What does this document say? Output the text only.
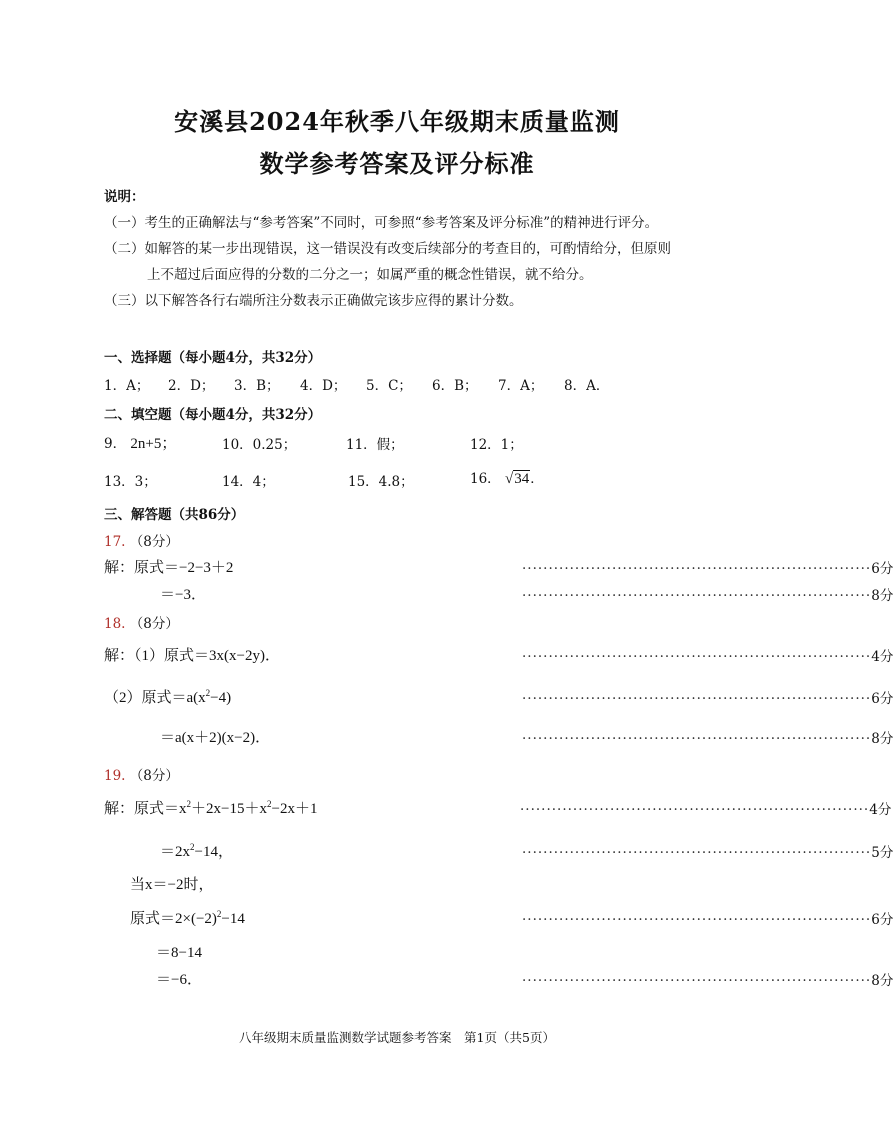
安溪县2024年秋季八年级期末质量监测
数学参考答案及评分标准
说明：
（一）考生的正确解法与“参考答案”不同时，可参照“参考答案及评分标准”的精神进行评分。
（二）如解答的某一步出现错误，这一错误没有改变后续部分的考查目的，可酌情给分，但原则
上不超过后面应得的分数的二分之一；如属严重的概念性错误，就不给分。
（三）以下解答各行右端所注分数表示正确做完该步应得的累计分数。
一、选择题（每小题4分，共32分）
1．A； 2．D； 3．B； 4．D； 5．C； 6．B； 7．A； 8．A．
二、填空题（每小题4分，共32分）
9． 2n+5；	10．0.25；	11．假；	12．1；
13．3；	14．4；	15．4.8；	16． √34．
三、解答题（共86分）
17. （8分）
解：原式＝−2−3＋2	·································································· 6分
＝−3．	·································································· 8分
18. （8分）
解：（1）原式＝3x(x−2y)．	·································································· 4分
（2）原式$=a(x^2-4)$	·································································· 6分
＝a(x＋2)(x−2)．	·································································· 8分
19. （8分）
解：原式$=x^2+2x-15+x^2-2x+1$	·································································· 4分
$=2x^2-14$，	·································································· 5分
当x＝−2时，
原式$=2\times(-2)^2-14$	·································································· 6分
＝8−14
＝−6．	·································································· 8分
八年级期末质量监测数学试题参考答案　第1页（共5页）
